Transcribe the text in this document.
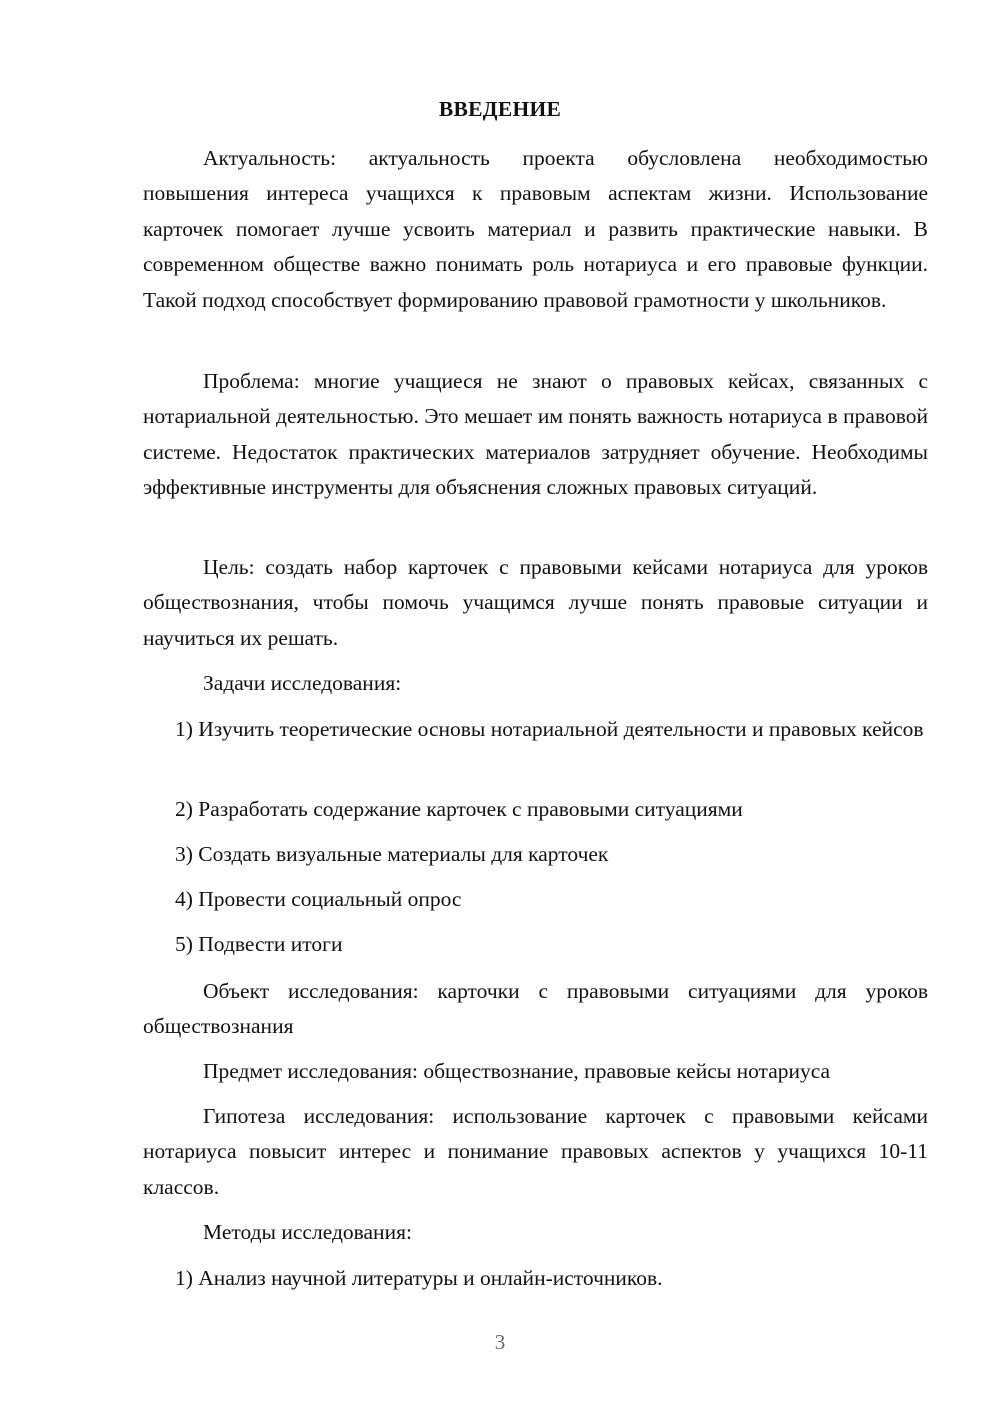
ВВЕДЕНИЕ
Актуальность: актуальность проекта обусловлена необходимостью повышения интереса учащихся к правовым аспектам жизни. Использование карточек помогает лучше усвоить материал и развить практические навыки. В современном обществе важно понимать роль нотариуса и его правовые функции. Такой подход способствует формированию правовой грамотности у школьников.
Проблема: многие учащиеся не знают о правовых кейсах, связанных с нотариальной деятельностью. Это мешает им понять важность нотариуса в правовой системе. Недостаток практических материалов затрудняет обучение. Необходимы эффективные инструменты для объяснения сложных правовых ситуаций.
Цель: создать набор карточек с правовыми кейсами нотариуса для уроков обществознания, чтобы помочь учащимся лучше понять правовые ситуации и научиться их решать.
Задачи исследования:
1) Изучить теоретические основы нотариальной деятельности и правовых кейсов
2) Разработать содержание карточек с правовыми ситуациями
3) Создать визуальные материалы для карточек
4) Провести социальный опрос
5) Подвести итоги
Объект исследования: карточки с правовыми ситуациями для уроков обществознания
Предмет исследования: обществознание, правовые кейсы нотариуса
Гипотеза исследования: использование карточек с правовыми кейсами нотариуса повысит интерес и понимание правовых аспектов у учащихся 10-11 классов.
Методы исследования:
1) Анализ научной литературы и онлайн-источников.
3
